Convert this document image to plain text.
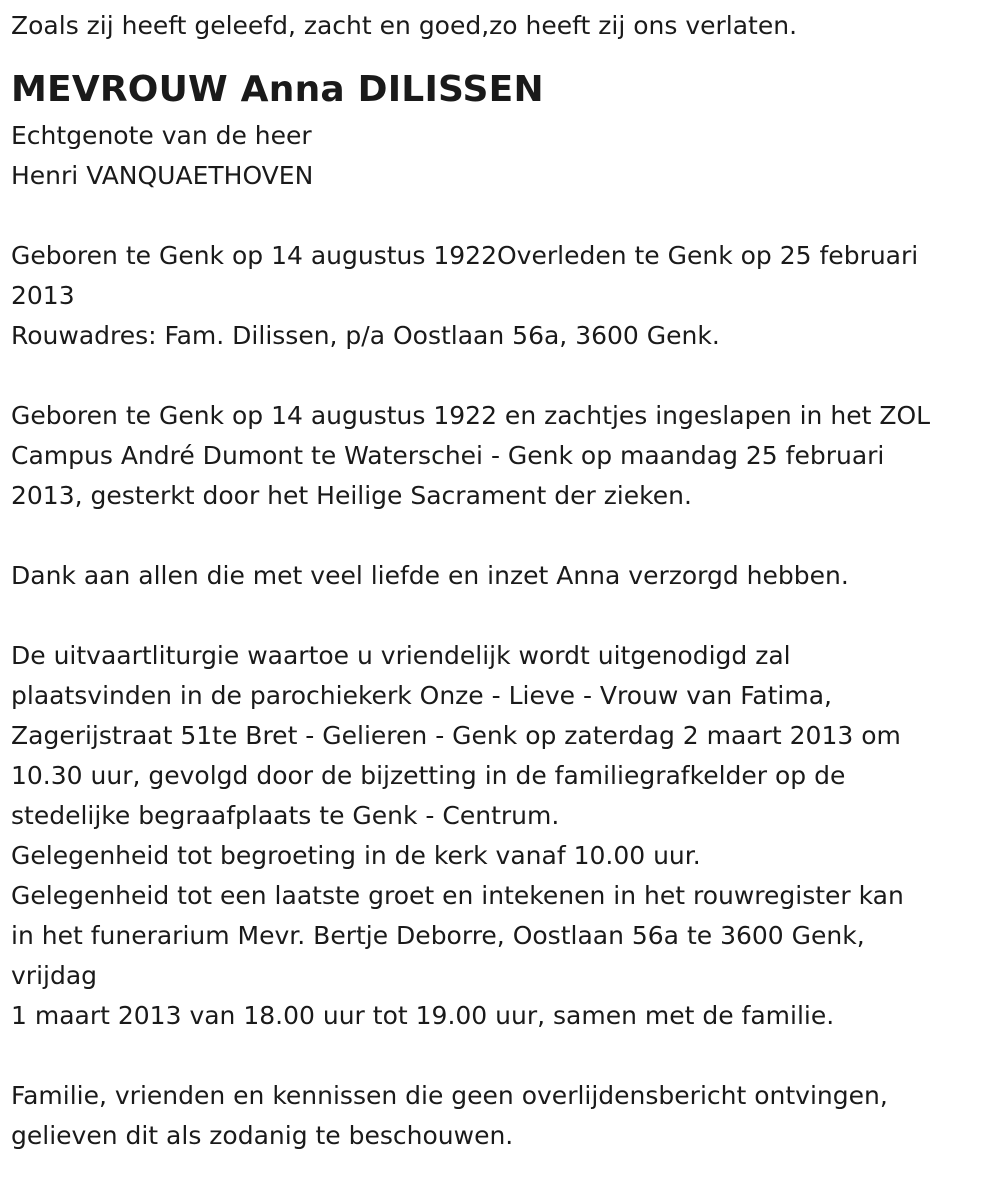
Zoals zij heeft geleefd, zacht en goed,zo heeft zij ons verlaten.

MEVROUW Anna DILISSEN

Echtgenote van de heer

Henri VANQUAETHOVEN

Geboren te Genk op 14 augustus 1922Overleden te Genk op 25 februari

2013

Rouwadres: Fam. Dilissen, p/a Oostlaan 56a, 3600 Genk.

Geboren te Genk op 14 augustus 1922 en zachtjes ingeslapen in het ZOL

Campus André Dumont te Waterschei - Genk op maandag 25 februari

2013, gesterkt door het Heilige Sacrament der zieken.

Dank aan allen die met veel liefde en inzet Anna verzorgd hebben.

De uitvaartliturgie waartoe u vriendelijk wordt uitgenodigd zal

plaatsvinden in de parochiekerk Onze - Lieve - Vrouw van Fatima,

Zagerijstraat 51te Bret - Gelieren - Genk op zaterdag 2 maart 2013 om

10.30 uur, gevolgd door de bijzetting in de familiegrafkelder op de

stedelijke begraafplaats te Genk - Centrum.

Gelegenheid tot begroeting in de kerk vanaf 10.00 uur.

Gelegenheid tot een laatste groet en intekenen in het rouwregister kan

in het funerarium Mevr. Bertje Deborre, Oostlaan 56a te 3600 Genk,

vrijdag

1 maart 2013 van 18.00 uur tot 19.00 uur, samen met de familie.

Familie, vrienden en kennissen die geen overlijdensbericht ontvingen,

gelieven dit als zodanig te beschouwen.
